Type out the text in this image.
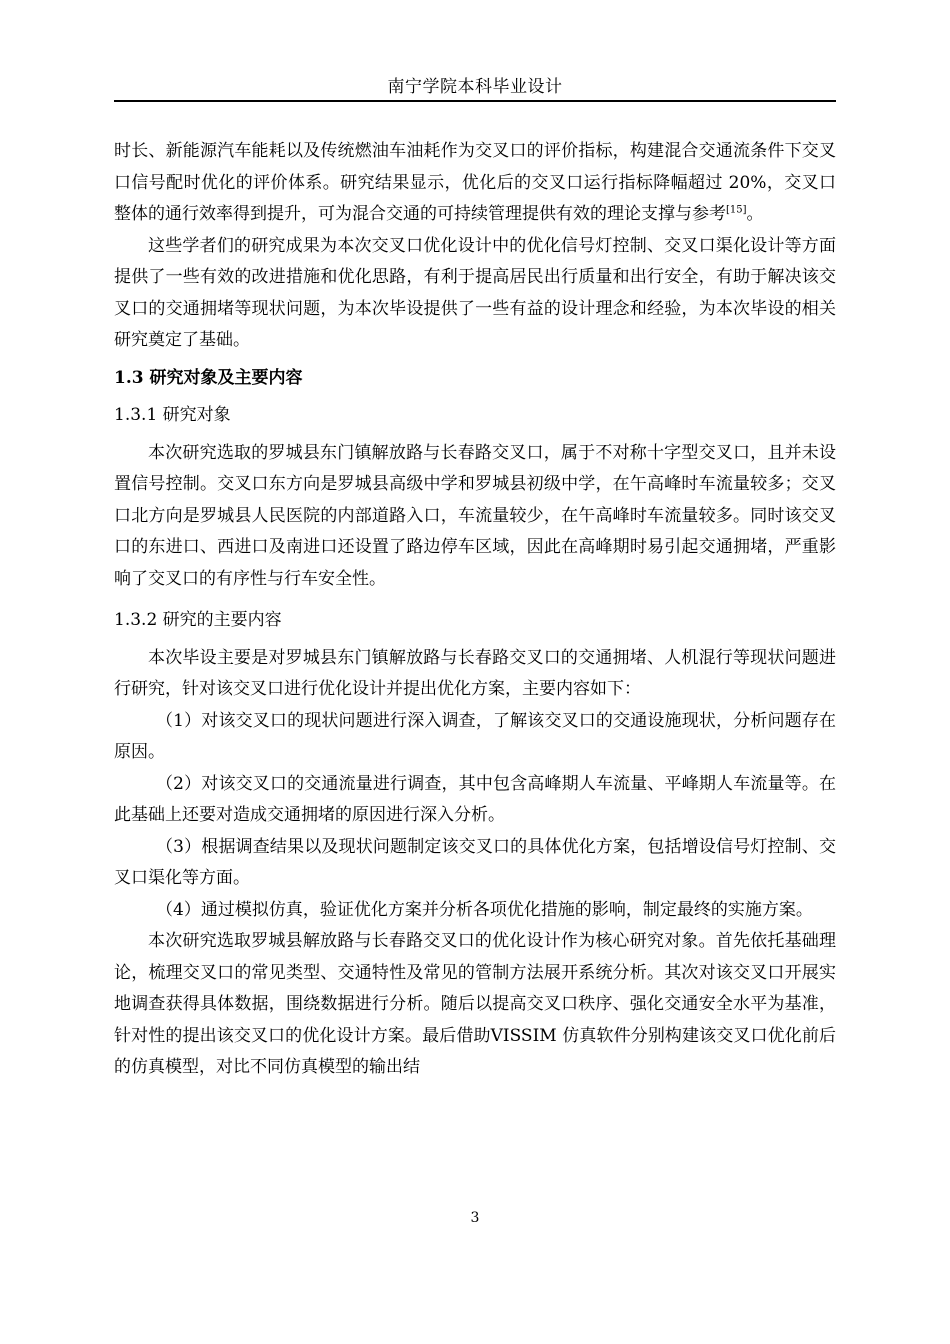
南宁学院本科毕业设计

时长、新能源汽车能耗以及传统燃油车油耗作为交叉口的评价指标，构建混合交通流条件下交叉口信号配时优化的评价体系。研究结果显示，优化后的交叉口运行指标降幅超过 20%，交叉口整体的通行效率得到提升，可为混合交通的可持续管理提供有效的理论支撑与参考[15]。

这些学者们的研究成果为本次交叉口优化设计中的优化信号灯控制、交叉口渠化设计等方面提供了一些有效的改进措施和优化思路，有利于提高居民出行质量和出行安全，有助于解决该交叉口的交通拥堵等现状问题，为本次毕设提供了一些有益的设计理念和经验，为本次毕设的相关研究奠定了基础。

1.3 研究对象及主要内容

1.3.1 研究对象

本次研究选取的罗城县东门镇解放路与长春路交叉口，属于不对称十字型交叉口，且并未设置信号控制。交叉口东方向是罗城县高级中学和罗城县初级中学，在午高峰时车流量较多；交叉口北方向是罗城县人民医院的内部道路入口，车流量较少，在午高峰时车流量较多。同时该交叉口的东进口、西进口及南进口还设置了路边停车区域，因此在高峰期时易引起交通拥堵，严重影响了交叉口的有序性与行车安全性。

1.3.2 研究的主要内容

本次毕设主要是对罗城县东门镇解放路与长春路交叉口的交通拥堵、人机混行等现状问题进行研究，针对该交叉口进行优化设计并提出优化方案，主要内容如下：

（1）对该交叉口的现状问题进行深入调查，了解该交叉口的交通设施现状，分析问题存在原因。

（2）对该交叉口的交通流量进行调查，其中包含高峰期人车流量、平峰期人车流量等。在此基础上还要对造成交通拥堵的原因进行深入分析。

（3）根据调查结果以及现状问题制定该交叉口的具体优化方案，包括增设信号灯控制、交叉口渠化等方面。

（4）通过模拟仿真，验证优化方案并分析各项优化措施的影响，制定最终的实施方案。

本次研究选取罗城县解放路与长春路交叉口的优化设计作为核心研究对象。首先依托基础理论，梳理交叉口的常见类型、交通特性及常见的管制方法展开系统分析。其次对该交叉口开展实地调查获得具体数据，围绕数据进行分析。随后以提高交叉口秩序、强化交通安全水平为基准，针对性的提出该交叉口的优化设计方案。最后借助VISSIM 仿真软件分别构建该交叉口优化前后的仿真模型，对比不同仿真模型的输出结

3
